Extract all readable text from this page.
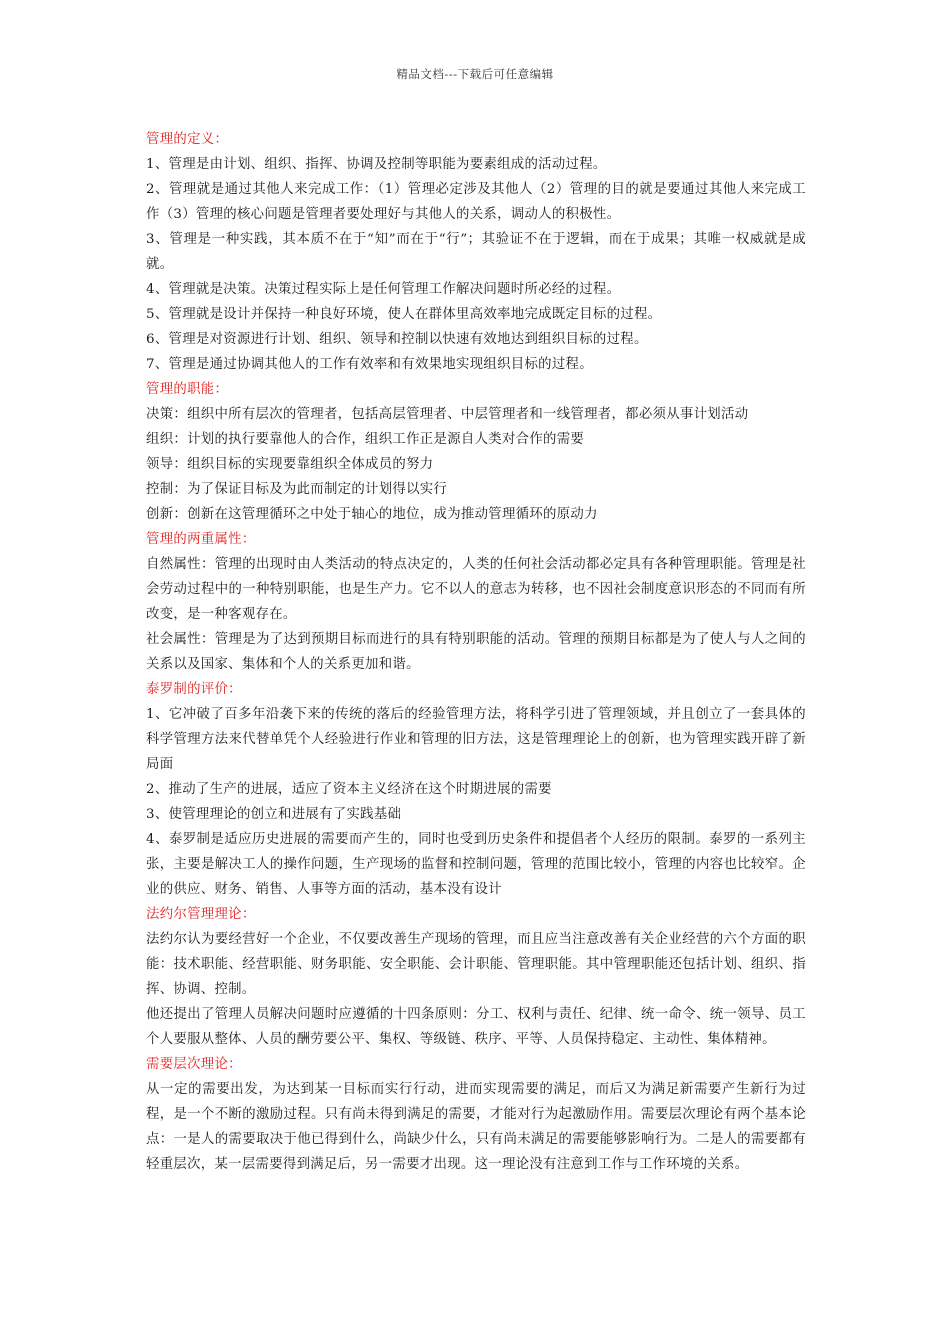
精品文档---下载后可任意编辑

管理的定义：

1、管理是由计划、组织、指挥、协调及控制等职能为要素组成的活动过程。

2、管理就是通过其他人来完成工作：（1）管理必定涉及其他人（2）管理的目的就是要通过其他人来完成工作（3）管理的核心问题是管理者要处理好与其他人的关系，调动人的积极性。

3、管理是一种实践，其本质不在于“知”而在于“行”；其验证不在于逻辑，而在于成果；其唯一权威就是成就。

4、管理就是决策。决策过程实际上是任何管理工作解决问题时所必经的过程。

5、管理就是设计并保持一种良好环境，使人在群体里高效率地完成既定目标的过程。

6、管理是对资源进行计划、组织、领导和控制以快速有效地达到组织目标的过程。

7、管理是通过协调其他人的工作有效率和有效果地实现组织目标的过程。

管理的职能：

决策：组织中所有层次的管理者，包括高层管理者、中层管理者和一线管理者，都必须从事计划活动

组织：计划的执行要靠他人的合作，组织工作正是源自人类对合作的需要

领导：组织目标的实现要靠组织全体成员的努力

控制：为了保证目标及为此而制定的计划得以实行

创新：创新在这管理循环之中处于轴心的地位，成为推动管理循环的原动力

管理的两重属性：

自然属性：管理的出现时由人类活动的特点决定的，人类的任何社会活动都必定具有各种管理职能。管理是社会劳动过程中的一种特别职能，也是生产力。它不以人的意志为转移，也不因社会制度意识形态的不同而有所改变，是一种客观存在。

社会属性：管理是为了达到预期目标而进行的具有特别职能的活动。管理的预期目标都是为了使人与人之间的关系以及国家、集体和个人的关系更加和谐。

泰罗制的评价：

1、它冲破了百多年沿袭下来的传统的落后的经验管理方法，将科学引进了管理领域，并且创立了一套具体的科学管理方法来代替单凭个人经验进行作业和管理的旧方法，这是管理理论上的创新，也为管理实践开辟了新局面

2、推动了生产的进展，适应了资本主义经济在这个时期进展的需要

3、使管理理论的创立和进展有了实践基础

4、泰罗制是适应历史进展的需要而产生的，同时也受到历史条件和提倡者个人经历的限制。泰罗的一系列主张，主要是解决工人的操作问题，生产现场的监督和控制问题，管理的范围比较小，管理的内容也比较窄。企业的供应、财务、销售、人事等方面的活动，基本没有设计

法约尔管理理论：

法约尔认为要经营好一个企业，不仅要改善生产现场的管理，而且应当注意改善有关企业经营的六个方面的职能：技术职能、经营职能、财务职能、安全职能、会计职能、管理职能。其中管理职能还包括计划、组织、指挥、协调、控制。

他还提出了管理人员解决问题时应遵循的十四条原则：分工、权利与责任、纪律、统一命令、统一领导、员工个人要服从整体、人员的酬劳要公平、集权、等级链、秩序、平等、人员保持稳定、主动性、集体精神。

需要层次理论：

从一定的需要出发，为达到某一目标而实行行动，进而实现需要的满足，而后又为满足新需要产生新行为过程，是一个不断的激励过程。只有尚未得到满足的需要，才能对行为起激励作用。需要层次理论有两个基本论点：一是人的需要取决于他已得到什么，尚缺少什么，只有尚未满足的需要能够影响行为。二是人的需要都有轻重层次，某一层需要得到满足后，另一需要才出现。这一理论没有注意到工作与工作环境的关系。
